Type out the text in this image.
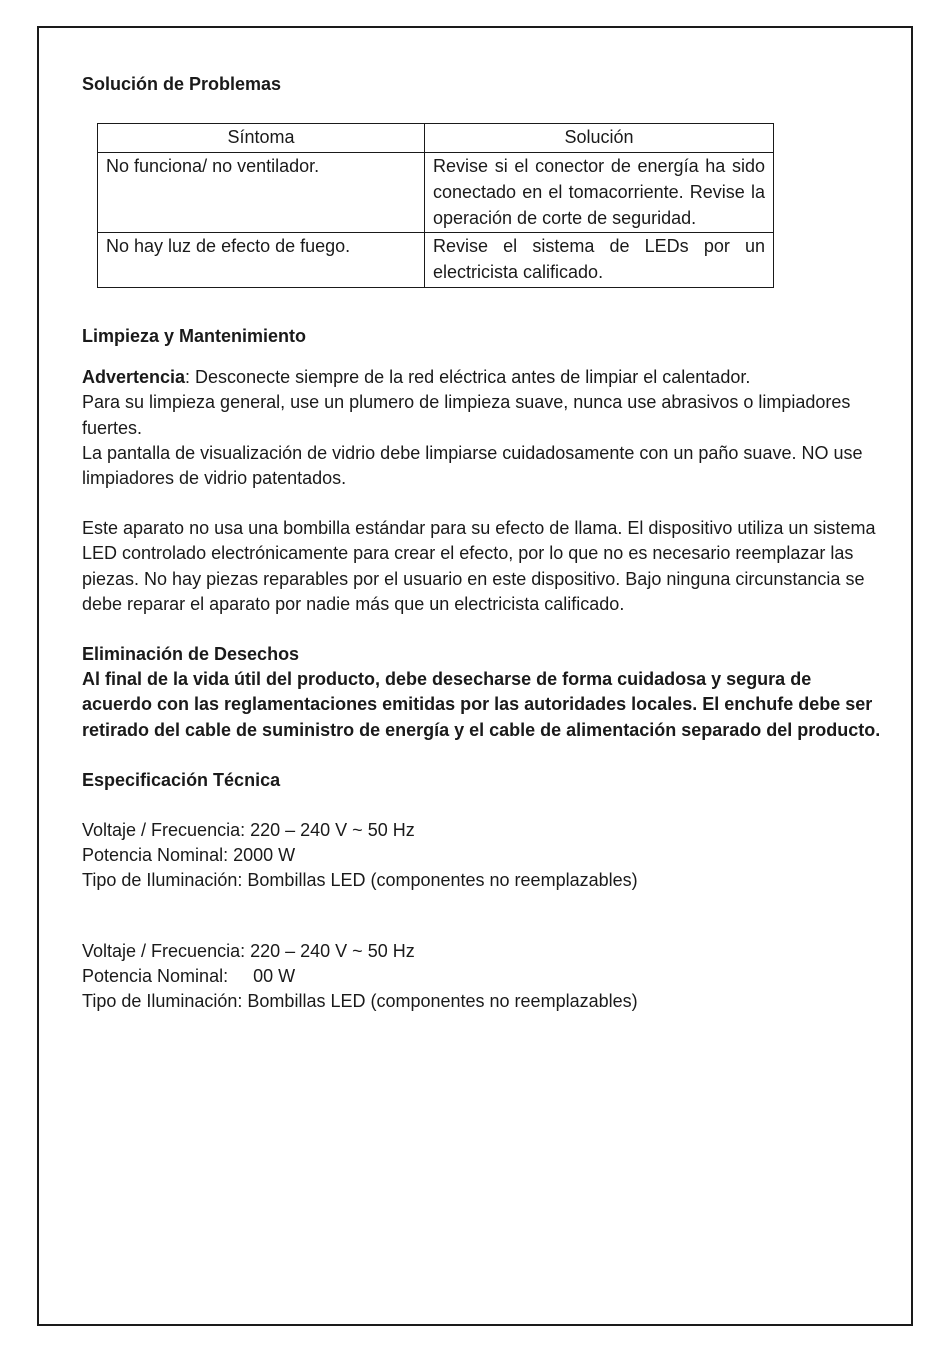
Solución de Problemas
Síntoma	Solución
No funciona/ no ventilador.	Revise si el conector de energía ha sido conectado en el tomacorriente. Revise la operación de corte de seguridad.
No hay luz de efecto de fuego.	Revise el sistema de LEDs por un electricista calificado.
Limpieza y Mantenimiento

Advertencia: Desconecte siempre de la red eléctrica antes de limpiar el calentador.

Para su limpieza general, use un plumero de limpieza suave, nunca use abrasivos o limpiadores fuertes.

La pantalla de visualización de vidrio debe limpiarse cuidadosamente con un paño suave. NO use limpiadores de vidrio patentados.

Este aparato no usa una bombilla estándar para su efecto de llama. El dispositivo utiliza un sistema LED controlado electrónicamente para crear el efecto, por lo que no es necesario reemplazar las piezas. No hay piezas reparables por el usuario en este dispositivo. Bajo ninguna circunstancia se debe reparar el aparato por nadie más que un electricista calificado.

Eliminación de Desechos

Al final de la vida útil del producto, debe desecharse de forma cuidadosa y segura de acuerdo con las reglamentaciones emitidas por las autoridades locales. El enchufe debe ser retirado del cable de suministro de energía y el cable de alimentación separado del producto.

Especificación Técnica

Voltaje / Frecuencia: 220 – 240 V ~ 50 Hz

Potencia Nominal: 2000 W

Tipo de Iluminación: Bombillas LED (componentes no reemplazables)

Voltaje / Frecuencia: 220 – 240 V ~ 50 Hz

Potencia Nominal:     00 W

Tipo de Iluminación: Bombillas LED (componentes no reemplazables)
